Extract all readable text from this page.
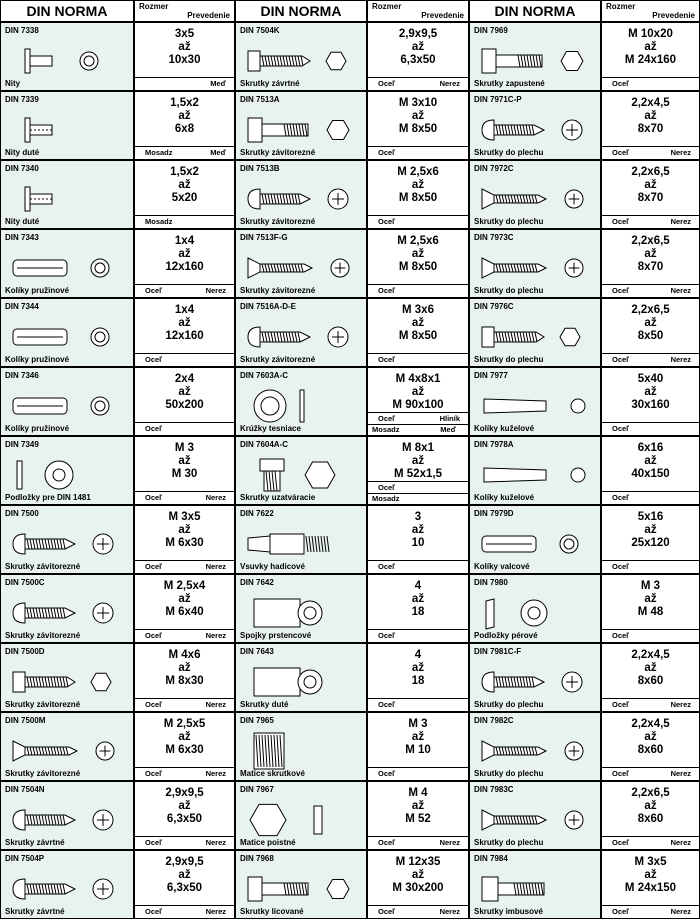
DIN NORMA	Rozmer
Prevedenie	DIN NORMA	Rozmer
Prevedenie	DIN NORMA	Rozmer
Prevedenie
DIN 7338
Nity
3x5
až
10x30
Meď
DIN 7339
Nity duté
1,5x2
až
6x8
Mosadz	Meď
DIN 7340
Nity duté
1,5x2
až
5x20
Mosadz
DIN 7343
Kolíky pružinové
1x4
až
12x160
Oceľ	Nerez
DIN 7344
Kolíky pružinové
1x4
až
12x160
Oceľ
DIN 7346
Kolíky pružinové
2x4
až
50x200
Oceľ
DIN 7349
Podložky pre DIN 1481
M 3
až
M 30
Oceľ	Nerez
DIN 7500
Skrutky závitorezné
M 3x5
až
M 6x30
Oceľ	Nerez
DIN 7500C
Skrutky závitorezné
M 2,5x4
až
M 6x40
Oceľ	Nerez
DIN 7500D
Skrutky závitorezné
M 4x6
až
M 8x30
Oceľ	Nerez
DIN 7500M
Skrutky závitorezné
M 2,5x5
až
M 6x30
Oceľ	Nerez
DIN 7504N
Skrutky závrtné
2,9x9,5
až
6,3x50
Oceľ	Nerez
DIN 7504P
Skrutky závrtné
2,9x9,5
až
6,3x50
Oceľ	Nerez
DIN 7504K
Skrutky závrtné
2,9x9,5
až
6,3x50
Oceľ	Nerez
DIN 7513A
Skrutky závitorezné
M 3x10
až
M 8x50
Oceľ
DIN 7513B
Skrutky závitorezné
M 2,5x6
až
M 8x50
Oceľ
DIN 7513F-G
Skrutky závitorezné
M 2,5x6
až
M 8x50
Oceľ
DIN 7516A-D-E
Skrutky závitorezné
M 3x6
až
M 8x50
Oceľ
DIN 7603A-C
Krúžky tesniace
M 4x8x1
až
M 90x100
Oceľ	Hliník
Mosadz	Meď
DIN 7604A-C
Skrutky uzatváracie
M 8x1
až
M 52x1,5
Oceľ
Mosadz
DIN 7622
Vsuvky hadicové
3
až
10
Oceľ
DIN 7642
Spojky prstencové
4
až
18
Oceľ
DIN 7643
Skrutky duté
4
až
18
Oceľ
DIN 7965
Matice skrutkové
M 3
až
M 10
Oceľ
DIN 7967
Matice poistné
M 4
až
M 52
Oceľ	Nerez
DIN 7968
Skrutky lícované
M 12x35
až
M 30x200
Oceľ	Nerez
DIN 7969
Skrutky zapustené
M 10x20
až
M 24x160
Oceľ
DIN 7971C-P
Skrutky do plechu
2,2x4,5
až
8x70
Oceľ	Nerez
DIN 7972C
Skrutky do plechu
2,2x6,5
až
8x70
Oceľ	Nerez
DIN 7973C
Skrutky do plechu
2,2x6,5
až
8x70
Oceľ	Nerez
DIN 7976C
Skrutky do plechu
2,2x6,5
až
8x50
Oceľ	Nerez
DIN 7977
Kolíky kuželové
5x40
až
30x160
Oceľ
DIN 7978A
Kolíky kuželové
6x16
až
40x150
Oceľ
DIN 7979D
Kolíky valcové
5x16
až
25x120
Oceľ
DIN 7980
Podložky pérové
M 3
až
M 48
Oceľ
DIN 7981C-F
Skrutky do plechu
2,2x4,5
až
8x60
Oceľ	Nerez
DIN 7982C
Skrutky do plechu
2,2x4,5
až
8x60
Oceľ	Nerez
DIN 7983C
Skrutky do plechu
2,2x6,5
až
8x60
Oceľ	Nerez
DIN 7984
Skrutky imbusové
M 3x5
až
M 24x150
Oceľ	Nerez
